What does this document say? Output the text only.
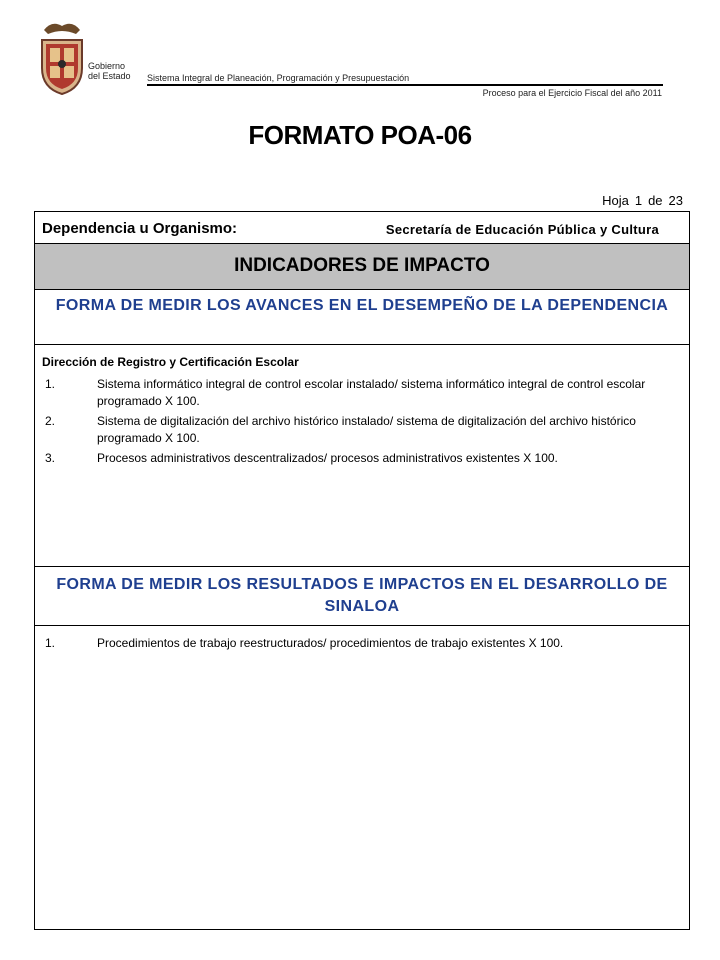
Gobierno
del Estado Sistema Integral de Planeación, Programación y Presupuestación
Proceso para el Ejercicio Fiscal del año 2011
FORMATO POA-06
Hoja 1 de 23
Dependencia u Organismo:	Secretaría de Educación Pública y Cultura
INDICADORES DE IMPACTO
FORMA DE MEDIR LOS AVANCES EN EL DESEMPEÑO DE LA DEPENDENCIA
Dirección de Registro y Certificación Escolar
1.	Sistema informático integral de control escolar instalado/ sistema informático integral de control escolar programado X 100.
2.	Sistema de digitalización del archivo histórico instalado/ sistema de digitalización del archivo histórico programado X 100.
3.	Procesos administrativos descentralizados/ procesos administrativos existentes X 100.
FORMA DE MEDIR LOS RESULTADOS E IMPACTOS EN EL DESARROLLO DE SINALOA
1.	Procedimientos de trabajo reestructurados/ procedimientos de trabajo existentes X 100.
